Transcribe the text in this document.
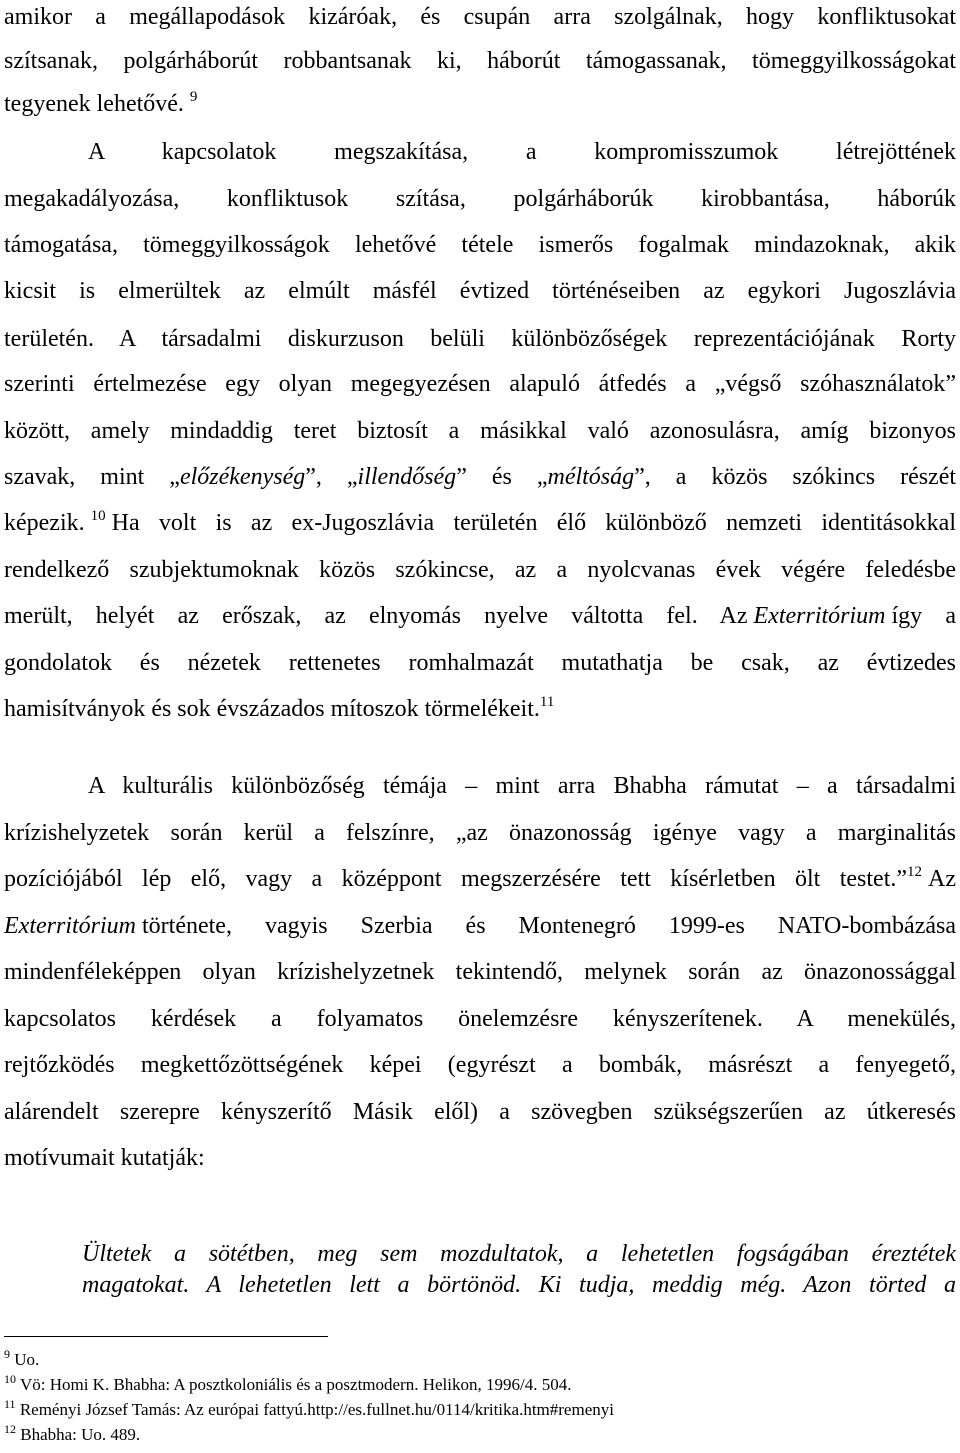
amikor a megállapodások kizáróak, és csupán arra szolgálnak, hogy konfliktusokat
szítsanak, polgárháborút robbantsanak ki, háborút támogassanak, tömeggyilkosságokat
tegyenek lehetővé. $^9$
A kapcsolatok megszakítása, a kompromisszumok létrejöttének
megakadályozása, konfliktusok szítása, polgárháborúk kirobbantása, háborúk
támogatása, tömeggyilkosságok lehetővé tétele ismerős fogalmak mindazoknak, akik
kicsit is elmerültek az elmúlt másfél évtized történéseiben az egykori Jugoszlávia
területén. A társadalmi diskurzuson belüli különbözőségek reprezentációjának Rorty
szerinti értelmezése egy olyan megegyezésen alapuló átfedés a „végső szóhasználatok”
között, amely mindaddig teret biztosít a másikkal való azonosulásra, amíg bizonyos
szavak, mint „előzékenység”, „illendőség” és „méltóság”, a közös szókincs részét
képezik. $^{10}$ Ha volt is az ex-Jugoszlávia területén élő különböző nemzeti identitásokkal
rendelkező szubjektumoknak közös szókincse, az a nyolcvanas évek végére feledésbe
merült, helyét az erőszak, az elnyomás nyelve váltotta fel. Az Exterritórium így a
gondolatok és nézetek rettenetes romhalmazát mutathatja be csak, az évtizedes
hamisítványok és sok évszázados mítoszok törmelékeit.$^{11}$
A kulturális különbözőség témája – mint arra Bhabha rámutat – a társadalmi
krízishelyzetek során kerül a felszínre, „az önazonosság igénye vagy a marginalitás
pozíciójából lép elő, vagy a középpont megszerzésére tett kísérletben ölt testet.”$^{12}$ Az
Exterritórium története, vagyis Szerbia és Montenegró 1999-es NATO-bombázása
mindenféleképpen olyan krízishelyzetnek tekintendő, melynek során az önazonossággal
kapcsolatos kérdések a folyamatos önelemzésre kényszerítenek. A menekülés,
rejtőzködés megkettőzöttségének képei (egyrészt a bombák, másrészt a fenyegető,
alárendelt szerepre kényszerítő Másik elől) a szövegben szükségszerűen az útkeresés
motívumait kutatják:
Ültetek a sötétben, meg sem mozdultatok, a lehetetlen fogságában éreztétek
magatokat. A lehetetlen lett a börtönöd. Ki tudja, meddig még. Azon törted a
$^9$ Uo.
$^{10}$ Vö: Homi K. Bhabha: A posztkoloniális és a posztmodern. Helikon, 1996/4. 504.
$^{11}$ Reményi József Tamás: Az európai fattyú.http://es.fullnet.hu/0114/kritika.htm#remenyi
$^{12}$ Bhabha: Uo. 489.
